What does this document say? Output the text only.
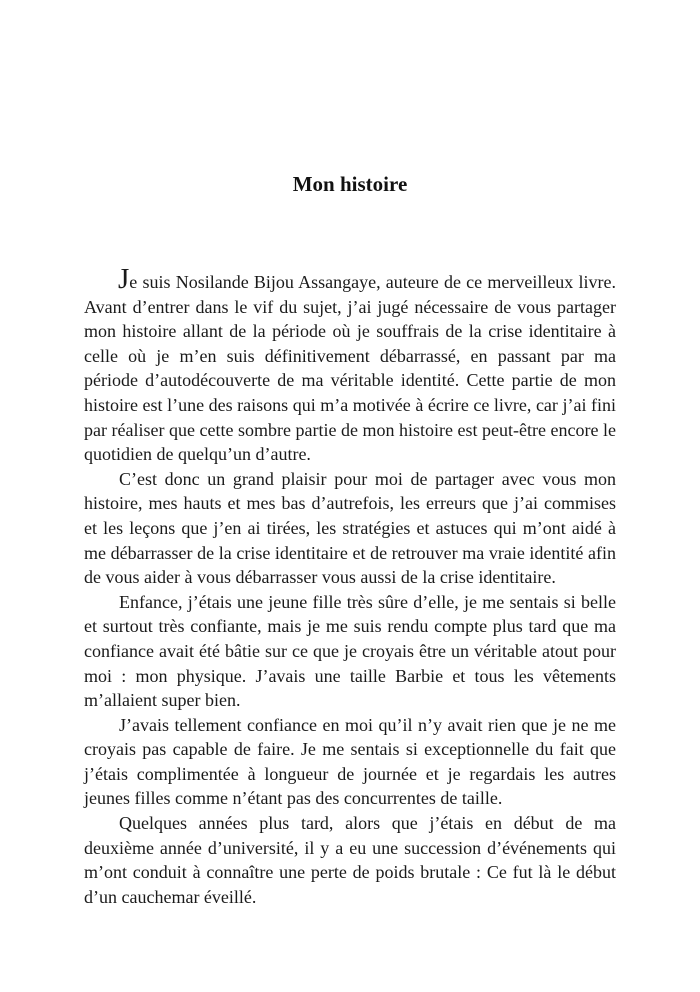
Mon histoire

Je suis Nosilande Bijou Assangaye, auteure de ce merveilleux livre.

Avant d’entrer dans le vif du sujet, j’ai jugé nécessaire de vous partager mon histoire allant de la période où je souffrais de la crise identitaire à celle où je m’en suis définitivement débarrassé, en passant par ma période d’autodécouverte de ma véritable identité. Cette partie de mon histoire est l’une des raisons qui m’a motivée à écrire ce livre, car j’ai fini par réaliser que cette sombre partie de mon histoire est peut-être encore le quotidien de quelqu’un d’autre.

C’est donc un grand plaisir pour moi de partager avec vous mon histoire, mes hauts et mes bas d’autrefois, les erreurs que j’ai commises et les leçons que j’en ai tirées, les stratégies et astuces qui m’ont aidé à me débarrasser de la crise identitaire et de retrouver ma vraie identité afin de vous aider à vous débarrasser vous aussi de la crise identitaire.

Enfance, j’étais une jeune fille très sûre d’elle, je me sentais si belle et surtout très confiante, mais je me suis rendu compte plus tard que ma confiance avait été bâtie sur ce que je croyais être un véritable atout pour moi : mon physique. J’avais une taille Barbie et tous les vêtements m’allaient super bien.

J’avais tellement confiance en moi qu’il n’y avait rien que je ne me croyais pas capable de faire. Je me sentais si exceptionnelle du fait que j’étais complimentée à longueur de journée et je regardais les autres jeunes filles comme n’étant pas des concurrentes de taille.

Quelques années plus tard, alors que j’étais en début de ma deuxième année d’université, il y a eu une succession d’événements qui m’ont conduit à connaître une perte de poids brutale : Ce fut là le début d’un cauchemar éveillé.
